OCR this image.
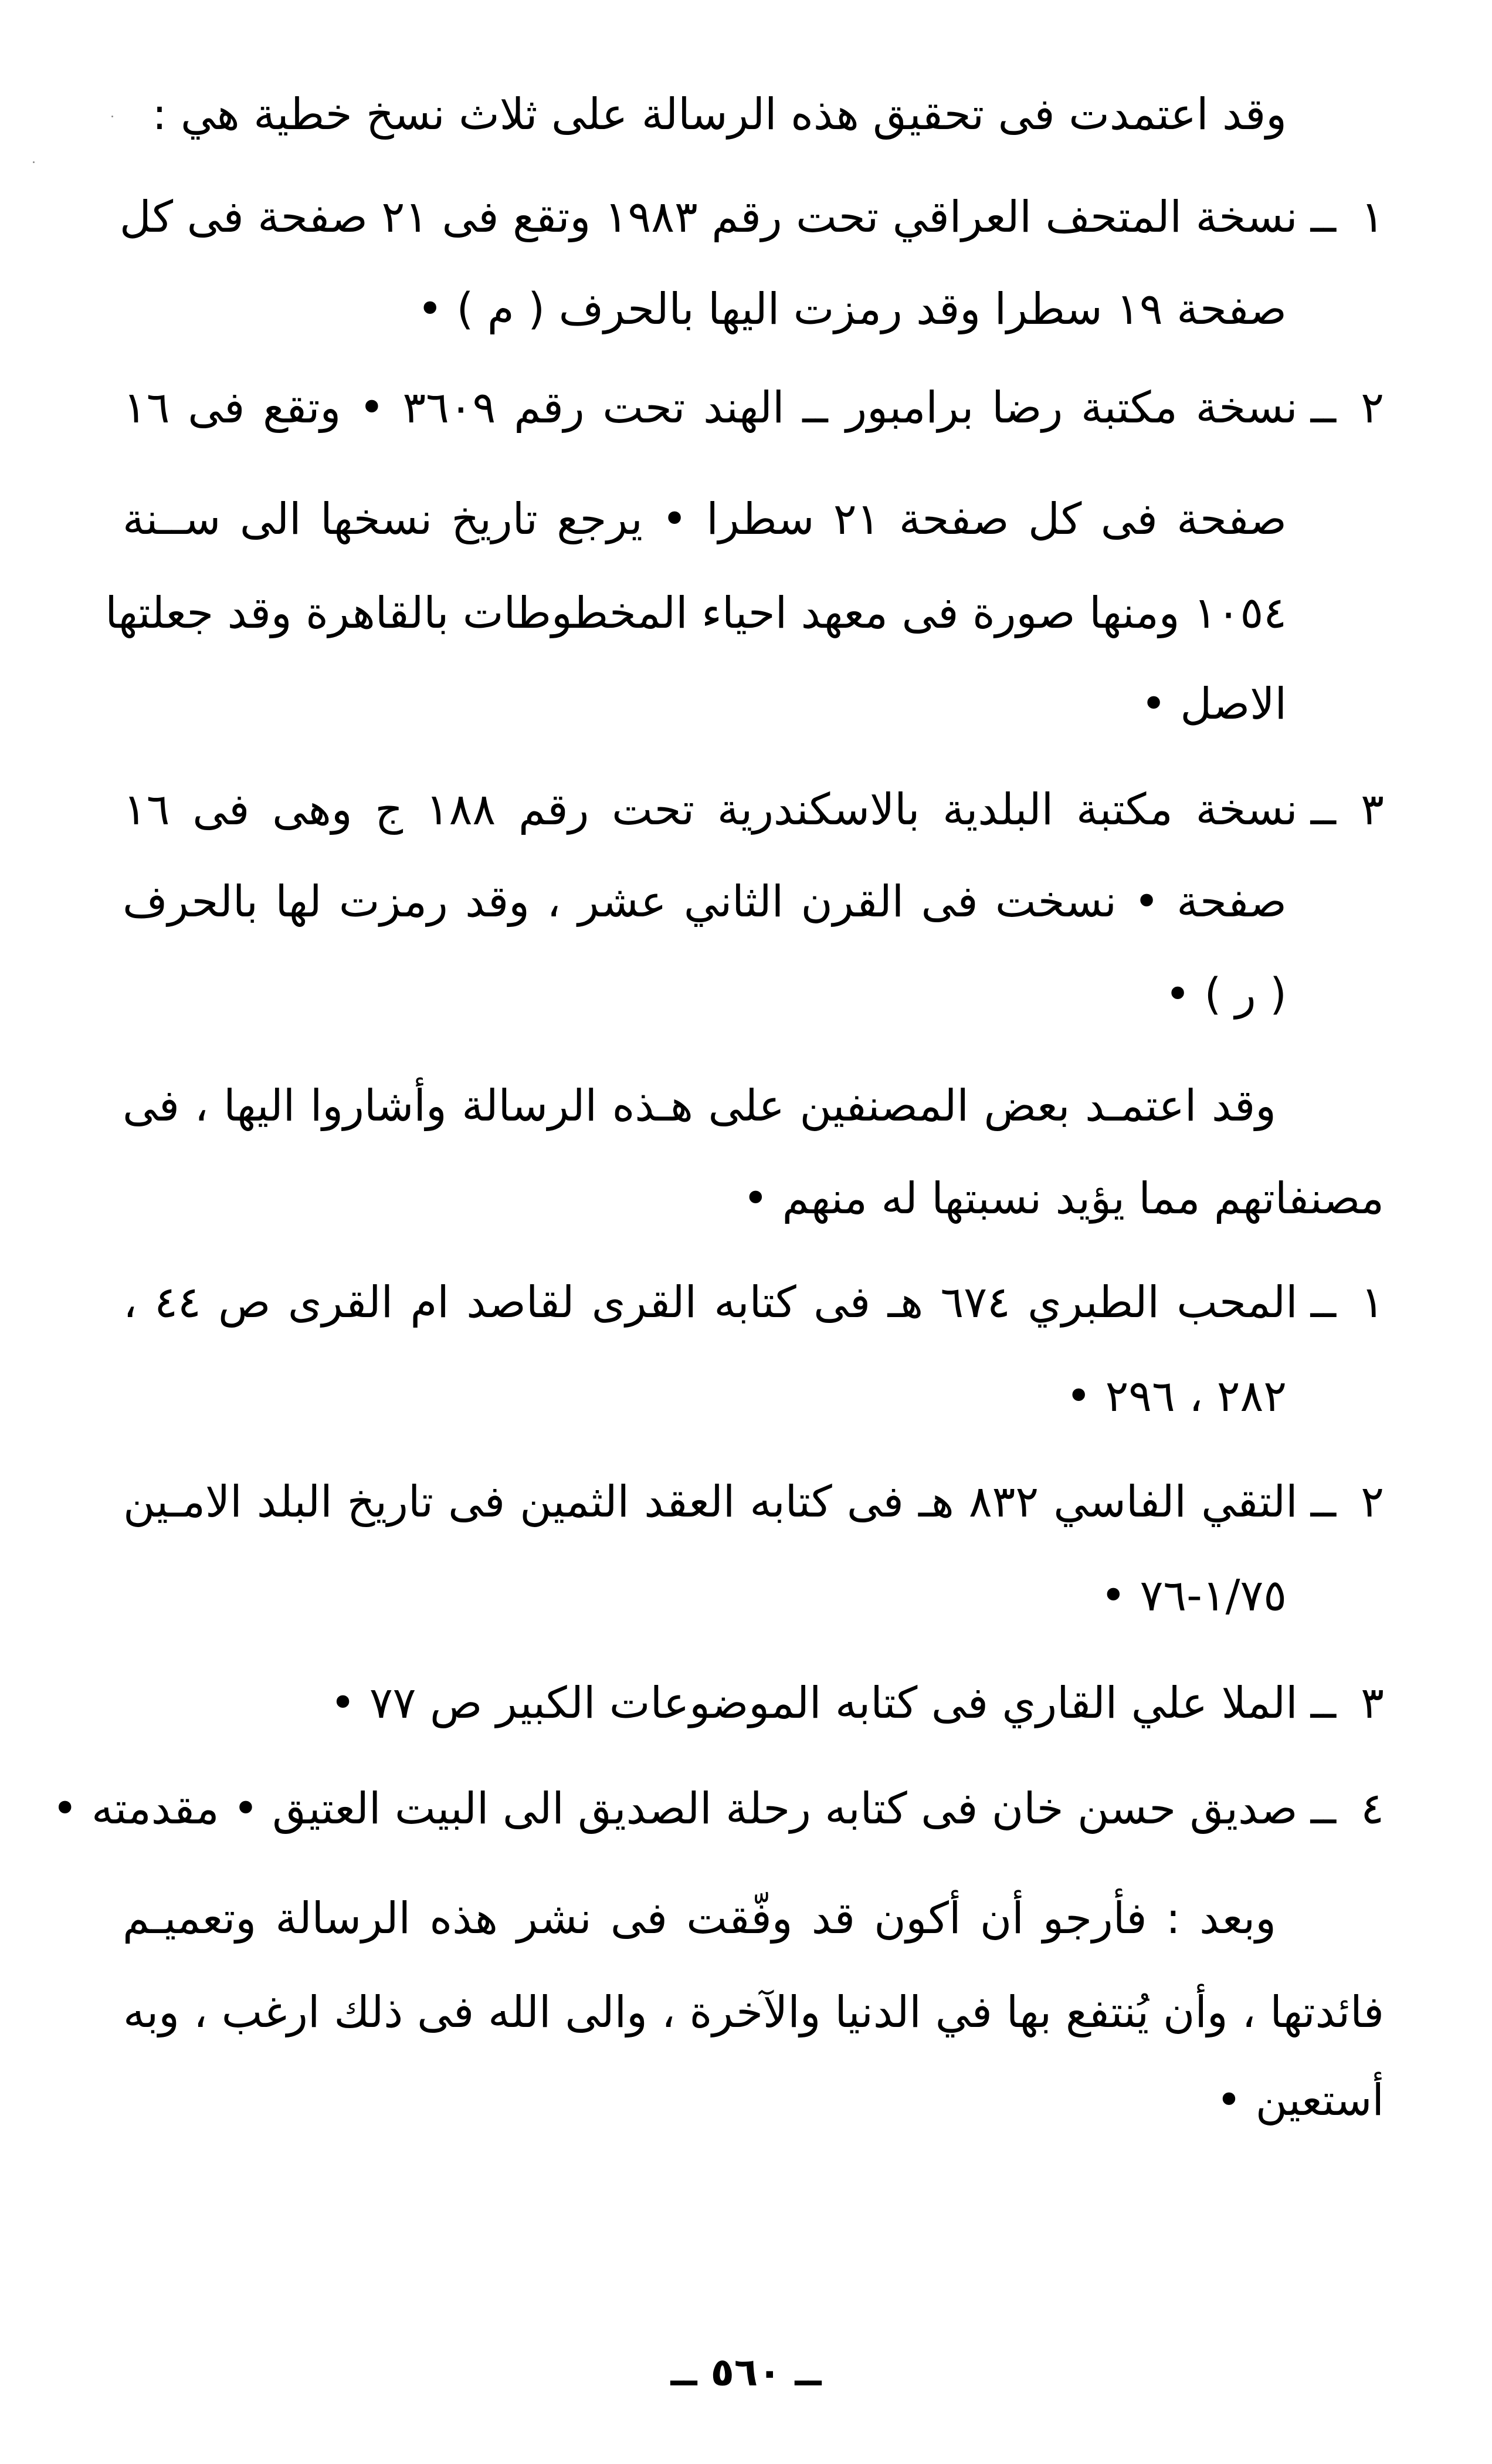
وقد اعتمدت فى تحقيق هذه الرسالة على ثلاث نسخ خطية هي :
١ــنسخة المتحف العراقي تحت رقم ١٩٨٣ وتقع فى ٢١ صفحة فى كل
صفحة ١٩ سطرا وقد رمزت اليها بالحرف ( م ) •
٢ــنسخة مكتبة رضا برامبور ــ الهند تحت رقم ٣٦٠٩ • وتقع فى ١٦
صفحة فى كل صفحة ٢١ سطرا • يرجع تاريخ نسخها الى ســنة
١٠٥٤ ومنها صورة فى معهد احياء المخطوطات بالقاهرة وقد جعلتها
الاصل •
٣ــنسخة مكتبة البلدية بالاسكندرية تحت رقم ١٨٨ ج وهى فى ١٦
صفحة • نسخت فى القرن الثاني عشر ، وقد رمزت لها بالحرف
( ر ) •
وقد اعتمـد بعض المصنفين على هـذه الرسالة وأشاروا اليها ، فى
مصنفاتهم مما يؤيد نسبتها له منهم •
١ــالمحب الطبري ٦٧٤ هـ فى كتابه القرى لقاصد ام القرى ص ٤٤ ،
٢٨٢ ، ٢٩٦ •
٢ــالتقي الفاسي ٨٣٢ هـ فى كتابه العقد الثمين فى تاريخ البلد الامـين
١/٧٥-٧٦ •
٣ــالملا علي القاري فى كتابه الموضوعات الكبير ص ٧٧ •
٤ــصديق حسن خان فى كتابه رحلة الصديق الى البيت العتيق • مقدمته •
وبعد : فأرجو أن أكون قد وفّقت فى نشر هذه الرسالة وتعميـم
فائدتها ، وأن يُنتفع بها في الدنيا والآخرة ، والى الله فى ذلك ارغب ، وبه
أستعين •
ــ ٥٦٠ ــ
